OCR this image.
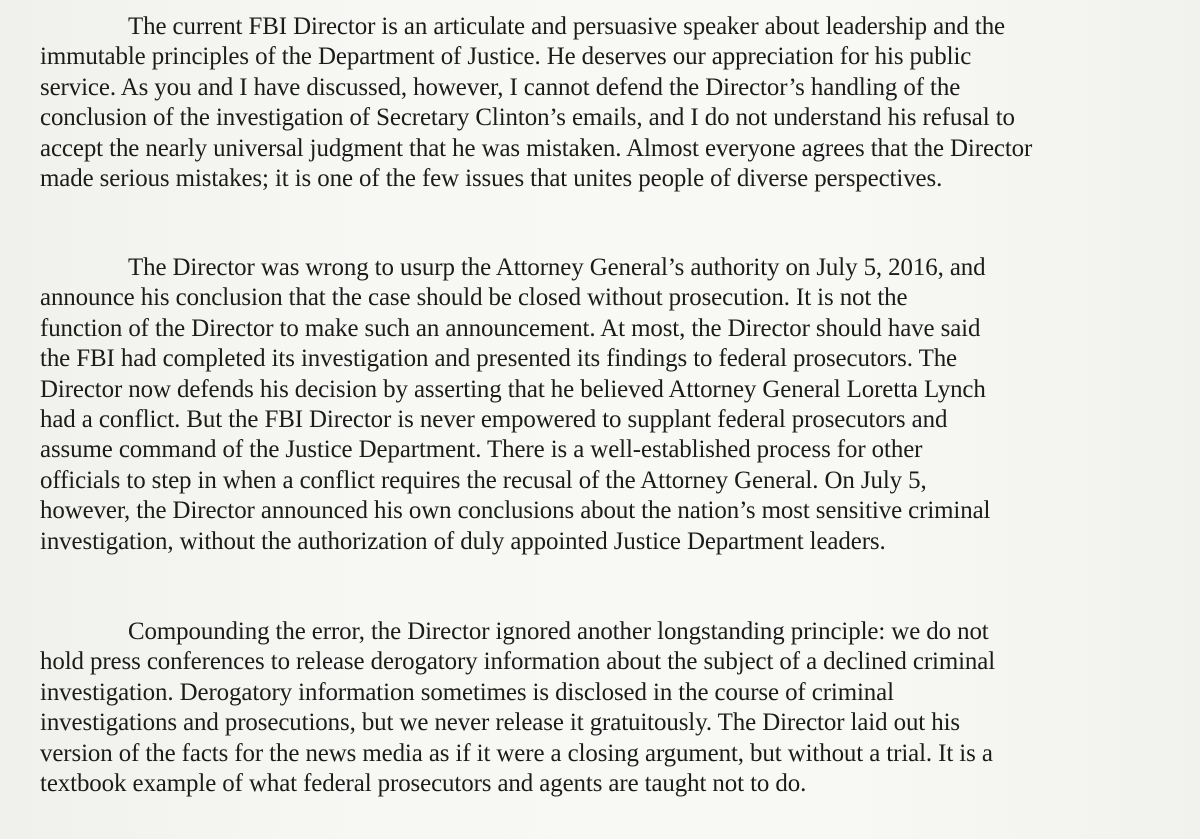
The current FBI Director is an articulate and persuasive speaker about leadership and the
immutable principles of the Department of Justice. He deserves our appreciation for his public
service. As you and I have discussed, however, I cannot defend the Director’s handling of the
conclusion of the investigation of Secretary Clinton’s emails, and I do not understand his refusal to
accept the nearly universal judgment that he was mistaken. Almost everyone agrees that the Director
made serious mistakes; it is one of the few issues that unites people of diverse perspectives.
The Director was wrong to usurp the Attorney General’s authority on July 5, 2016, and
announce his conclusion that the case should be closed without prosecution. It is not the
function of the Director to make such an announcement. At most, the Director should have said
the FBI had completed its investigation and presented its findings to federal prosecutors. The
Director now defends his decision by asserting that he believed Attorney General Loretta Lynch
had a conflict. But the FBI Director is never empowered to supplant federal prosecutors and
assume command of the Justice Department. There is a well-established process for other
officials to step in when a conflict requires the recusal of the Attorney General. On July 5,
however, the Director announced his own conclusions about the nation’s most sensitive criminal
investigation, without the authorization of duly appointed Justice Department leaders.
Compounding the error, the Director ignored another longstanding principle: we do not
hold press conferences to release derogatory information about the subject of a declined criminal
investigation. Derogatory information sometimes is disclosed in the course of criminal
investigations and prosecutions, but we never release it gratuitously. The Director laid out his
version of the facts for the news media as if it were a closing argument, but without a trial. It is a
textbook example of what federal prosecutors and agents are taught not to do.
